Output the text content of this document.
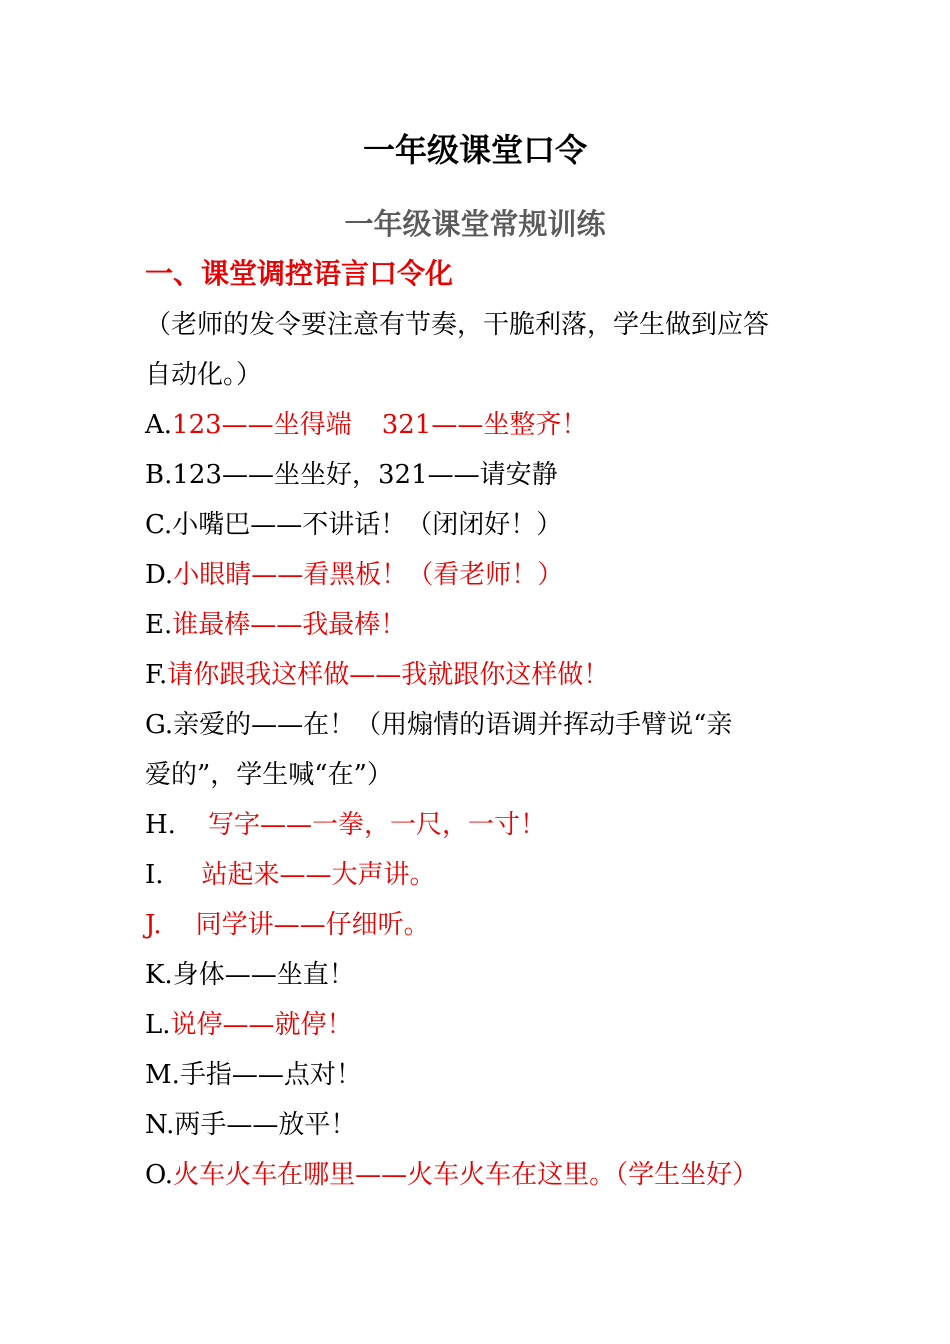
一年级课堂口令
一年级课堂常规训练
一、课堂调控语言口令化

（老师的发令要注意有节奏，干脆利落，学生做到应答
自动化。）

A.123——坐得端 321——坐整齐！

B.123——坐坐好，321——请安静

C.小嘴巴——不讲话！（闭闭好！）

D.小眼睛——看黑板！（看老师！）

E.谁最棒——我最棒！

F.请你跟我这样做——我就跟你这样做！

G.亲爱的——在！（用煽情的语调并挥动手臂说“亲
爱的”，学生喊“在”）

H. 写字——一拳，一尺，一寸！

I. 站起来——大声讲。

J. 同学讲——仔细听。

K.身体——坐直！

L.说停——就停！

M.手指——点对！

N.两手——放平！

O.火车火车在哪里——火车火车在这里。（学生坐好）
